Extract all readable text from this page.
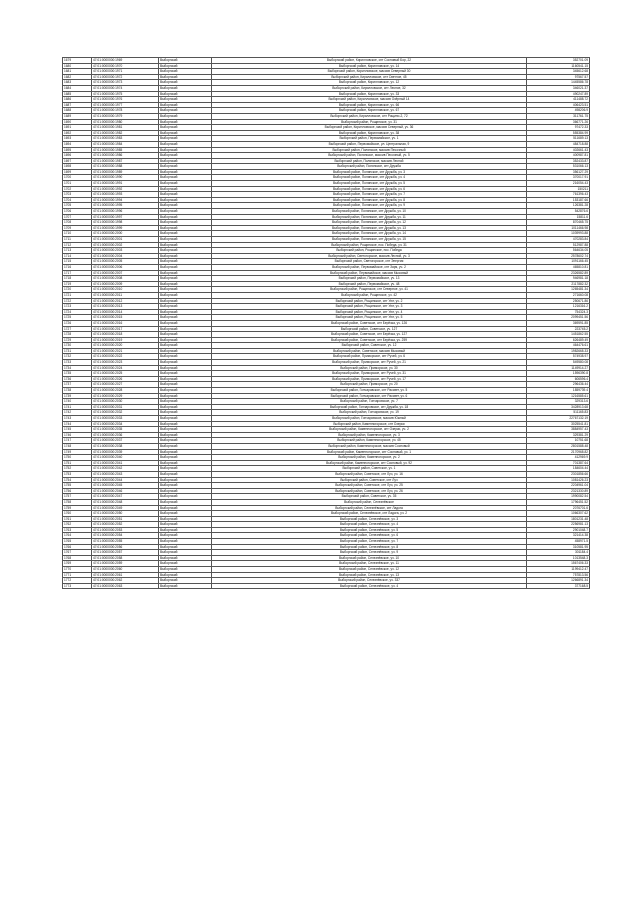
1679	47:01:0000000:1969	Выборгский	Выборгский район, Кирилловское, снт Сосновый Бор, 22	352701.09
1680	47:01:0000000:1970	Выборгский	Выборгский район, Кирилловское, уч. 14	1160541.15
1681	47:01:0000000:1971	Выборгский	Выборгский район, Кирилловское, массив Северный 30	345612.68
1682	47:01:0000000:1972	Выборгский	Выборгский район, Кирилловское, снт Светлое, 45	97567.57
1683	47:01:0000000:1973	Выборгский	Выборгский район, Кирилловское, уч. 12	1445586.78
1684	47:01:0000000:1974	Выборгский	Выборгский район, Кирилловское, снт Лесное, 32	346021.37
1685	47:01:0000000:1975	Выборгский	Выборгский район, Кирилловское, уч. 33	490247.89
1686	47:01:0000000:1976	Выборгский	Выборгский район, Кирилловское, массив Озёрный 14	411488.72
1687	47:01:0000000:1977	Выборгский	Выборгский район, Кирилловское, уч. 66	406423.51
1688	47:01:0000000:1978	Выборгский	Выборгский район, Кирилловское, уч. 67	498206.9
1689	47:01:0000000:1979	Выборгский	Выборгский район, Кирилловское, снт Рощино-2, 72	311761.75
1690	47:01:0000000:1980	Выборгский	Выборгский район, Рощинское, уч. 31	366771.26
1691	47:01:0000000:1981	Выборгский	Выборгский район, Кирилловское, массив Северный, уч. 36	97472.33
1692	47:01:0000000:1982	Выборгский	Выборгский район, Кирилловское, уч. 38	555384.99
1693	47:01:0000000:1983	Выборгский	Выборгский район, Первомайское, уч. 1	511689.13
1694	47:01:0000000:1984	Выборгский	Выборгский район, Первомайское, ул. Центральная, 9	484718.88
1695	47:01:0000000:1985	Выборгский	Выборгский район, Полянское, массив Песочный	402661.43
1696	47:01:0000000:1986	Выборгский	Выборгский район, Полянское, массив Песочный, уч. 5	400987.81
1697	47:01:0000000:1987	Выборгский	Выборгский район, Полянское, массив Лесной	352433.87
1698	47:01:0000000:1988	Выборгский	Выборгский район, Полянское, снт Дружба	531066.13
1699	47:01:0000000:1989	Выборгский	Выборгский район, Полянское, снт Дружба, уч. 3	356127.29
1700	47:01:0000000:1990	Выборгский	Выборгский район, Полянское, снт Дружба, уч. 4	370017.91
1701	47:01:0000000:1991	Выборгский	Выборгский район, Полянское, снт Дружба, уч. 5	216054.43
1702	47:01:0000000:1992	Выборгский	Выборгский район, Полянское, снт Дружба, уч. 6	150211
1703	47:01:0000000:1993	Выборгский	Выборгский район, Полянское, снт Дружба, уч. 7	761396.43
1704	47:01:0000000:1994	Выборгский	Выборгский район, Полянское, снт Дружба, уч. 8	153187.66
1705	47:01:0000000:1995	Выборгский	Выборгский район, Полянское, снт Дружба, уч. 9	126381.28
1706	47:01:0000000:1996	Выборгский	Выборгский район, Полянское, снт Дружба, уч. 10	542876.6
1707	47:01:0000000:1997	Выборгский	Выборгский район, Полянское, снт Дружба, уч. 11	15811.6
1708	47:01:0000000:1998	Выборгский	Выборгский район, Полянское, снт Дружба, уч. 12	870465.75
1709	47:01:0000000:1999	Выборгский	Выборгский район, Полянское, снт Дружба, уч. 13	1011466.98
1710	47:01:0000000:2000	Выборгский	Выборгский район, Полянское, снт Дружба, уч. 14	1039993.88
1711	47:01:0000000:2001	Выборгский	Выборгский район, Полянское, снт Дружба, уч. 15	470283.84
1712	47:01:0000000:2002	Выборгский	Выборгский район, Рощинское, пос. Победа, уч. 31	512987.88
1713	47:01:0000000:2003	Выборгский	Выборгский район, Рощинское, пос. Победа	564634.05
1714	47:01:0000000:2004	Выборгский	Выборгский район, Светогорское, массив Лесной, уч. 3	2578602.74
1715	47:01:0000000:2005	Выборгский	Выборгский район, Светогорское, снт Энергия	1091166.45
1716	47:01:0000000:2006	Выборгский	Выборгский район, Первомайское, снт Заря, уч. 2	465810.81
1717	47:01:0000000:2007	Выборгский	Выборгский район, Первомайское, массив Мысовый	2326582.89
1718	47:01:0000000:2008	Выборгский	Выборгский район, Первомайское, уч. 13	946981.18
1719	47:01:0000000:2009	Выборгский	Выборгский район, Первомайское, уч. 48	2117882.32
1720	47:01:0000000:2010	Выборгский	Выборгский район, Рощинское, снт Северное, уч. 41	1265481.34
1721	47:01:0000000:2011	Выборгский	Выборгский район, Рощинское, уч. 42	271660.08
1722	47:01:0000000:2012	Выборгский	Выборгский район, Рощинское, снт Уют, уч. 2	250671.86
1723	47:01:0000000:2013	Выборгский	Выборгский район, Рощинское, снт Уют, уч. 3	1216316.2
1724	47:01:0000000:2014	Выборгский	Выборгский район, Рощинское, снт Уют, уч. 4	754324.3
1725	47:01:0000000:2015	Выборгский	Выборгский район, Рощинское, снт Уют, уч. 5	2099451.56
1726	47:01:0000000:2016	Выборгский	Выборгский район, Советское, снт Берёзка, уч. 126	369591.85
1727	47:01:0000000:2017	Выборгский	Выборгский район, Советское, уч. 127	223745.2
1728	47:01:0000000:2018	Выборгский	Выборгский район, Советское, снт Берёзка, уч. 127	1451862.55
1729	47:01:0000000:2019	Выборгский	Выборгский район, Советское, снт Берёзка, уч. 259	626489.49
1730	47:01:0000000:2020	Выборгский	Выборгский район, Советское, уч. 12	464476.61
1731	47:01:0000000:2021	Выборгский	Выборгский район, Советское, массив Мысовый	1982668.33
1732	47:01:0000000:2022	Выборгский	Выборгский район, Приморское, снт Ручей, уч. 6	574938.97
1733	47:01:0000000:2023	Выборгский	Выборгский район, Приморское, снт Ручей, уч. 21	549580.08
1734	47:01:0000000:2024	Выборгский	Выборгский район, Приморское, уч. 30	1149914.27
1735	47:01:0000000:2025	Выборгский	Выборгский район, Приморское, снт Ручей, уч. 31	1596390.8
1736	47:01:0000000:2026	Выборгский	Выборгский район, Приморское, снт Ручей, уч. 17	606596.4
1737	47:01:0000000:2027	Выборгский	Выборгский район, Приморское, уч. 20	296436.44
1738	47:01:0000000:2028	Выборгский	Выборгский район, Гончаровское, снт Рассвет, уч. 5	1859739.4
1739	47:01:0000000:2029	Выборгский	Выборгский район, Гончаровское, снт Рассвет, уч. 6	1216585.61
1740	47:01:0000000:2030	Выборгский	Выборгский район, Гончаровское, уч. 7	329313.6
1741	47:01:0000000:2031	Выборгский	Выборгский район, Гончаровское, снт Дружба, уч. 18	3428913.68
1742	47:01:0000000:2032	Выборгский	Выборгский район, Гончаровское, уч. 19	511165.83
1743	47:01:0000000:2033	Выборгский	Выборгский район, Гончаровское, массив Южный	22767132.19
1744	47:01:0000000:2034	Выборгский	Выборгский район, Каменногорское, снт Озерки	3025541.81
1745	47:01:0000000:2035	Выборгский	Выборгский район, Каменногорское, снт Озерки, уч. 2	3884957.43
1746	47:01:0000000:2036	Выборгский	Выборгский район, Каменногорское, уч. 3	329381.29
1747	47:01:0000000:2037	Выборгский	Выборгский район, Каменногорское, уч. 45	10751.68
1748	47:01:0000000:2038	Выборгский	Выборгский район, Каменногорское, массив Сосновый	2801588.48
1749	47:01:0000000:2039	Выборгский	Выборгский район, Каменногорское, снт Сосновый, уч. 1	2170968.82
1750	47:01:0000000:2040	Выборгский	Выборгский район, Каменногорское, уч. 2	412969.9
1751	47:01:0000000:2041	Выборгский	Выборгский район, Каменногорское, снт Сосновый, уч. 92	701387.64
1752	47:01:0000000:2042	Выборгский	Выборгский район, Советское, уч. 1	184604.44
1753	47:01:0000000:2043	Выборгский	Выборгский район, Советское, снт Луч, уч. 16	2301856.66
1754	47:01:0000000:2044	Выборгский	Выборгский район, Советское, снт Луч	1081426.23
1755	47:01:0000000:2045	Выборгский	Выборгский район, Советское, снт Луч, уч. 25	2204961.04
1756	47:01:0000000:2046	Выборгский	Выборгский район, Советское, снт Луч, уч. 26	2321330.89
1757	47:01:0000000:2047	Выборгский	Выборгский район, Советское, уч. 35	1990082.54
1758	47:01:0000000:2048	Выборгский	Выборгский район, Селезнёвское	1796451.52
1759	47:01:0000000:2049	Выборгский	Выборгский район, Селезнёвское, снт Ладога	2076701.6
1760	47:01:0000000:2050	Выборгский	Выборгский район, Селезнёвское, снт Ладога, уч. 2	1066307.62
1761	47:01:0000000:2051	Выборгский	Выборгский район, Селезнёвское, уч. 3	1801231.48
1762	47:01:0000000:2052	Выборгский	Выборгский район, Селезнёвское, уч. 4	2256981.13
1763	47:01:0000000:2053	Выборгский	Выборгский район, Селезнёвское, уч. 5	2901048.7
1764	47:01:0000000:2054	Выборгский	Выборгский район, Селезнёвское, уч. 6	321414.38
1765	47:01:0000000:2055	Выборгский	Выборгский район, Селезнёвское, уч. 7	458971.5
1766	47:01:0000000:2056	Выборгский	Выборгский район, Селезнёвское, уч. 8	310581.95
1767	47:01:0000000:2057	Выборгский	Выборгский район, Селезнёвское, уч. 9	301184.4
1768	47:01:0000000:2058	Выборгский	Выборгский район, Селезнёвское, уч. 10	1013548.3
1769	47:01:0000000:2059	Выборгский	Выборгский район, Селезнёвское, уч. 11	1567406.33
1770	47:01:0000000:2060	Выборгский	Выборгский район, Селезнёвское, уч. 12	1199412.47
1771	47:01:0000000:2061	Выборгский	Выборгский район, Селезнёвское, уч. 13	757813.56
1772	47:01:0000000:2062	Выборгский	Выборгский район, Селезнёвское, уч. 337	1266891.34
1773	47:01:0000000:2063	Выборгский	Выборгский район, Селезнёвское, уч. 4	377168.5
